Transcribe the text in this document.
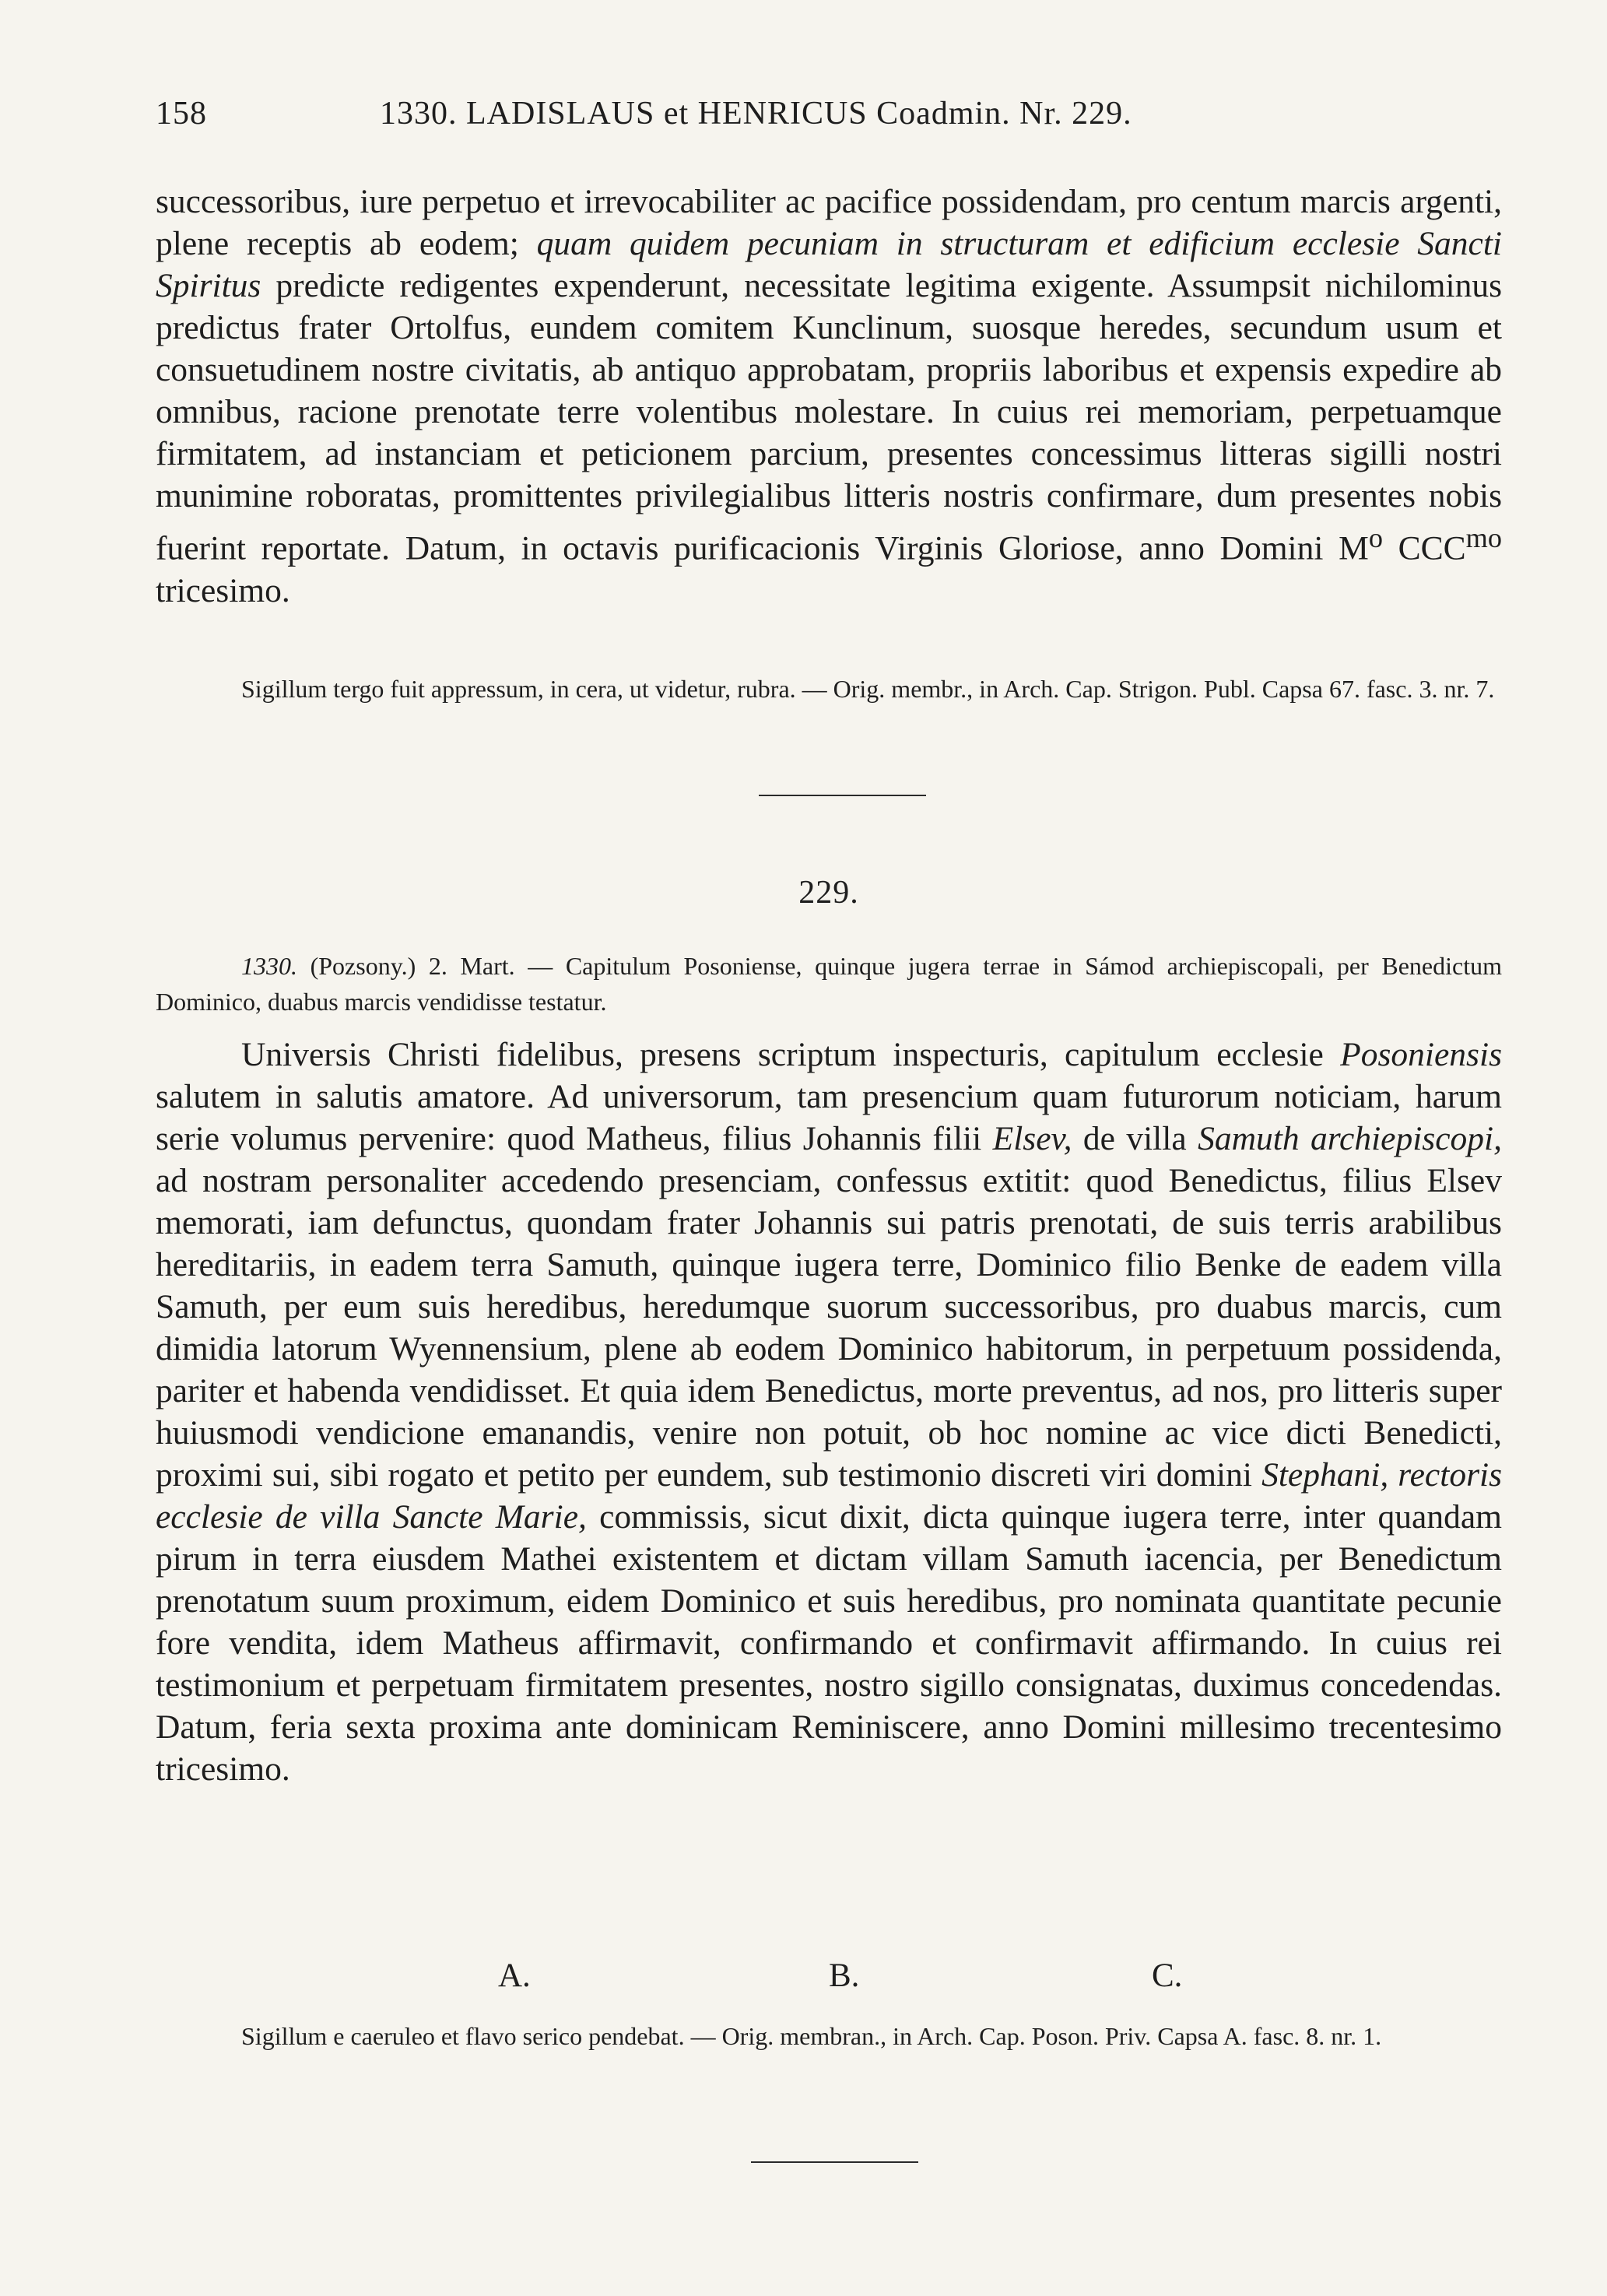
158	1330. LADISLAUS et HENRICUS Coadmin. Nr. 229.

successoribus, iure perpetuo et irrevocabiliter ac pacifice possidendam, pro centum marcis argenti, plene receptis ab eodem; quam quidem pecuniam in structuram et edificium ecclesie Sancti Spiritus predicte redigentes expenderunt, necessitate legitima exigente. Assumpsit nichilominus predictus frater Ortolfus, eundem comitem Kunclinum, suosque heredes, secundum usum et consuetudinem nostre civitatis, ab antiquo approbatam, propriis laboribus et expensis expedire ab omnibus, racione prenotate terre volentibus molestare. In cuius rei memoriam, perpetuamque firmitatem, ad instanciam et peticionem parcium, presentes concessimus litteras sigilli nostri munimine roboratas, promittentes privilegialibus litteris nostris confirmare, dum presentes nobis fuerint reportate. Datum, in octavis purificacionis Virginis Gloriose, anno Domini $M^o$ $CCC^{mo}$ tricesimo.

Sigillum tergo fuit appressum, in cera, ut videtur, rubra. — Orig. membr., in Arch. Cap. Strigon. Publ. Capsa 67. fasc. 3. nr. 7.

229.

1330. (Pozsony.) 2. Mart. — Capitulum Posoniense, quinque jugera terrae in Sámod archiepiscopali, per Benedictum Dominico, duabus marcis vendidisse testatur.

Universis Christi fidelibus, presens scriptum inspecturis, capitulum ecclesie Posoniensis salutem in salutis amatore. Ad universorum, tam presencium quam futurorum noticiam, harum serie volumus pervenire: quod Matheus, filius Johannis filii Elsev, de villa Samuth archiepiscopi, ad nostram personaliter accedendo presenciam, confessus extitit: quod Benedictus, filius Elsev memorati, iam defunctus, quondam frater Johannis sui patris prenotati, de suis terris arabilibus hereditariis, in eadem terra Samuth, quinque iugera terre, Dominico filio Benke de eadem villa Samuth, per eum suis heredibus, heredumque suorum successoribus, pro duabus marcis, cum dimidia latorum Wyennensium, plene ab eodem Dominico habitorum, in perpetuum possidenda, pariter et habenda vendidisset. Et quia idem Benedictus, morte preventus, ad nos, pro litteris super huiusmodi vendicione emanandis, venire non potuit, ob hoc nomine ac vice dicti Benedicti, proximi sui, sibi rogato et petito per eundem, sub testimonio discreti viri domini Stephani, rectoris ecclesie de villa Sancte Marie, commissis, sicut dixit, dicta quinque iugera terre, inter quandam pirum in terra eiusdem Mathei existentem et dictam villam Samuth iacencia, per Benedictum prenotatum suum proximum, eidem Dominico et suis heredibus, pro nominata quantitate pecunie fore vendita, idem Matheus affirmavit, confirmando et confirmavit affirmando. In cuius rei testimonium et perpetuam firmitatem presentes, nostro sigillo consignatas, duximus concedendas. Datum, feria sexta proxima ante dominicam Reminiscere, anno Domini millesimo trecentesimo tricesimo.

A.	B.	C.

Sigillum e caeruleo et flavo serico pendebat. — Orig. membran., in Arch. Cap. Poson. Priv. Capsa A. fasc. 8. nr. 1.
